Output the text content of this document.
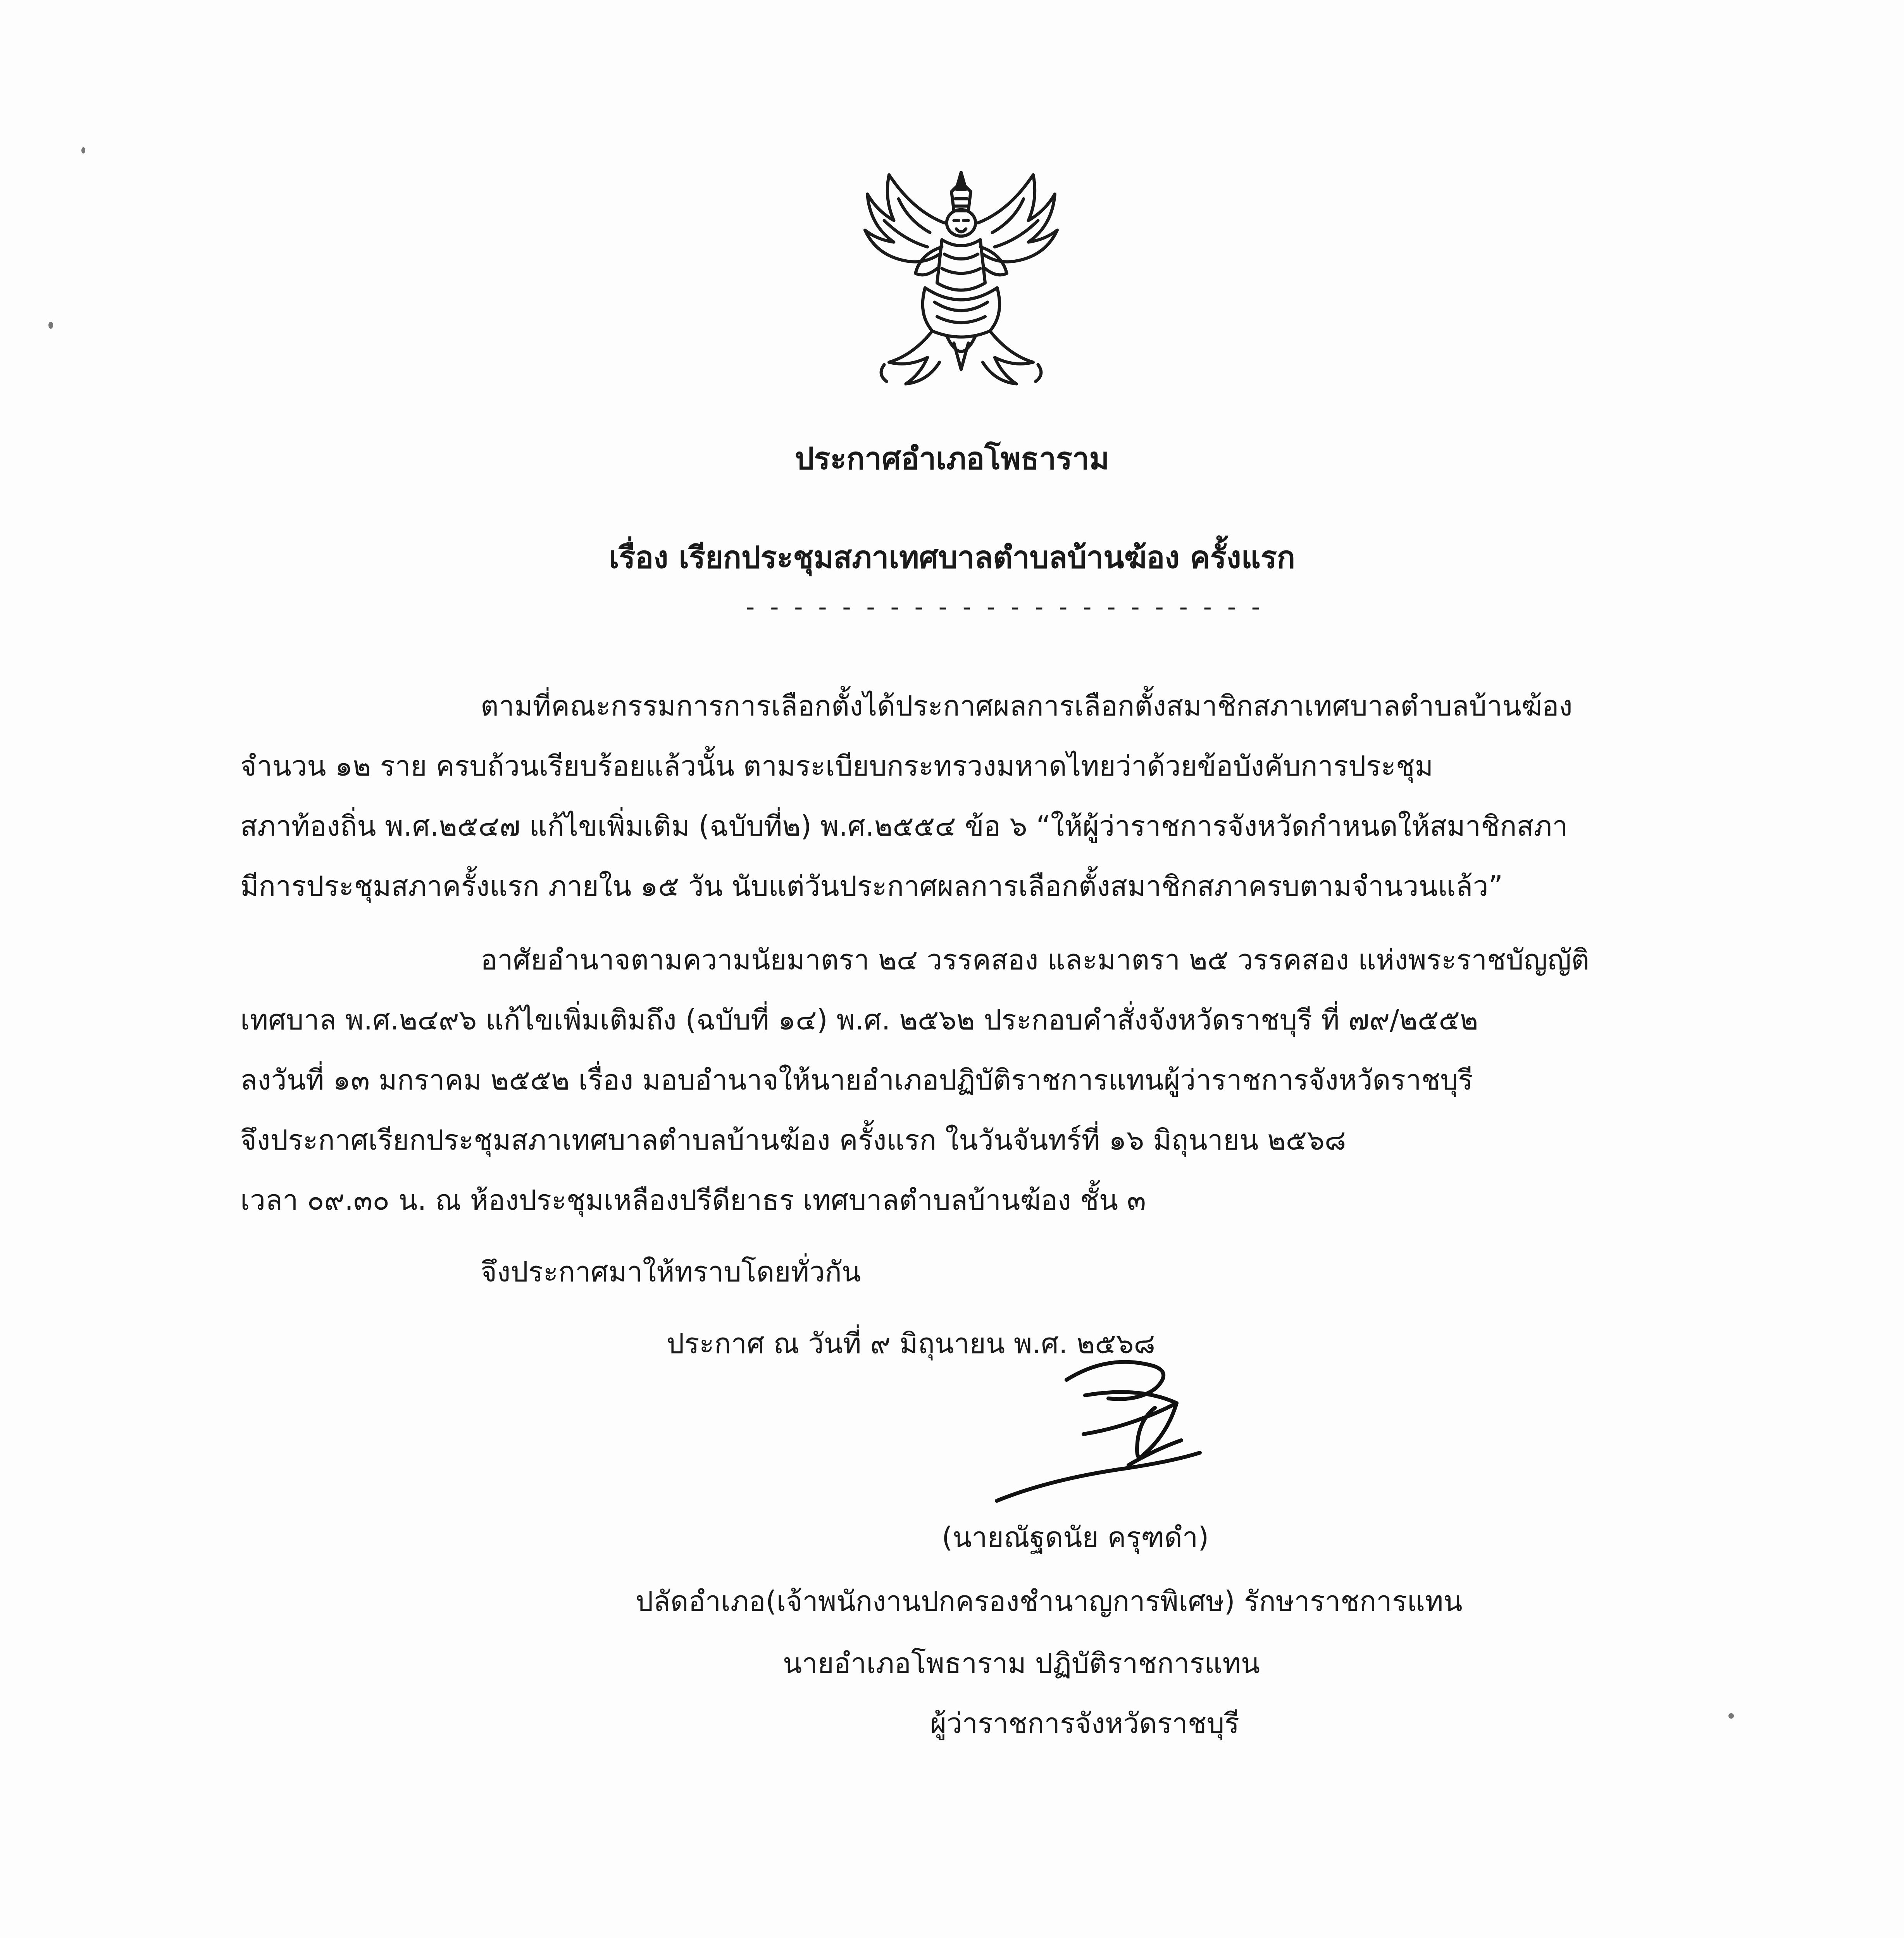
ประกาศอำเภอโพธาราม
เรื่อง เรียกประชุมสภาเทศบาลตำบลบ้านฆ้อง ครั้งแรก
- - - - - - - - - - - - - - - - - - - - - -
ตามที่คณะกรรมการการเลือกตั้งได้ประกาศผลการเลือกตั้งสมาชิกสภาเทศบาลตำบลบ้านฆ้อง
จำนวน ๑๒ ราย ครบถ้วนเรียบร้อยแล้วนั้น ตามระเบียบกระทรวงมหาดไทยว่าด้วยข้อบังคับการประชุม
สภาท้องถิ่น พ.ศ.๒๕๔๗ แก้ไขเพิ่มเติม (ฉบับที่๒) พ.ศ.๒๕๕๔ ข้อ ๖ “ให้ผู้ว่าราชการจังหวัดกำหนดให้สมาชิกสภา
มีการประชุมสภาครั้งแรก ภายใน ๑๕ วัน นับแต่วันประกาศผลการเลือกตั้งสมาชิกสภาครบตามจำนวนแล้ว”
อาศัยอำนาจตามความนัยมาตรา ๒๔ วรรคสอง และมาตรา ๒๕ วรรคสอง แห่งพระราชบัญญัติ
เทศบาล พ.ศ.๒๔๙๖ แก้ไขเพิ่มเติมถึง (ฉบับที่ ๑๔) พ.ศ. ๒๕๖๒ ประกอบคำสั่งจังหวัดราชบุรี ที่ ๗๙/๒๕๕๒
ลงวันที่ ๑๓ มกราคม ๒๕๕๒ เรื่อง มอบอำนาจให้นายอำเภอปฏิบัติราชการแทนผู้ว่าราชการจังหวัดราชบุรี
จึงประกาศเรียกประชุมสภาเทศบาลตำบลบ้านฆ้อง ครั้งแรก ในวันจันทร์ที่ ๑๖ มิถุนายน ๒๕๖๘
เวลา ๐๙.๓๐ น. ณ ห้องประชุมเหลืองปรีดียาธร เทศบาลตำบลบ้านฆ้อง ชั้น ๓
จึงประกาศมาให้ทราบโดยทั่วกัน
ประกาศ ณ วันที่ ๙ มิถุนายน พ.ศ. ๒๕๖๘
(นายณัฐดนัย ครุฑดำ)
ปลัดอำเภอ(เจ้าพนักงานปกครองชำนาญการพิเศษ) รักษาราชการแทน
นายอำเภอโพธาราม ปฏิบัติราชการแทน
ผู้ว่าราชการจังหวัดราชบุรี
